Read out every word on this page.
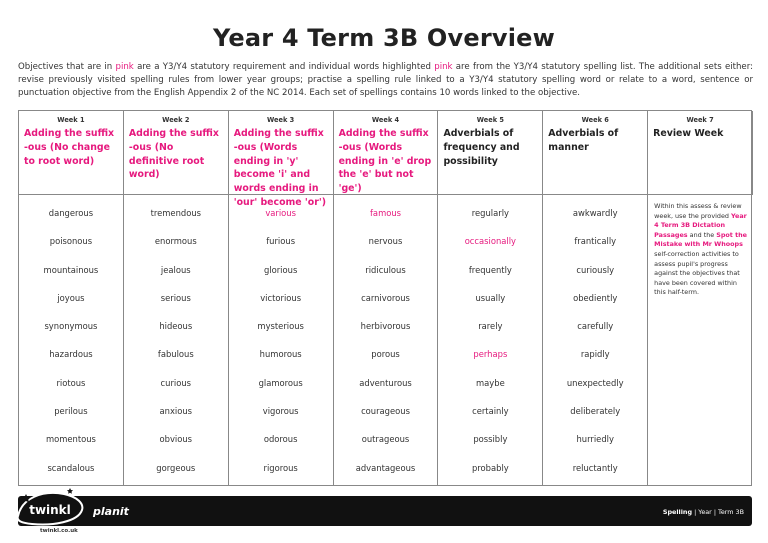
Year 4 Term 3B Overview

Objectives that are in pink are a Y3/Y4 statutory requirement and individual words highlighted pink are from the Y3/Y4 statutory spelling list. The additional sets either: revise previously visited spelling rules from lower year groups; practise a spelling rule linked to a Y3/Y4 statutory spelling word or relate to a word, sentence or punctuation objective from the English Appendix 2 of the NC 2014. Each set of spellings contains 10 words linked to the objective.

Week 1
Adding the suffix -ous (No change to root word)
Week 2
Adding the suffix -ous (No definitive root word)
Week 3
Adding the suffix -ous (Words ending in 'y' become 'i' and words ending in 'our' become 'or')
Week 4
Adding the suffix -ous (Words ending in 'e' drop the 'e' but not 'ge')
Week 5
Adverbials of frequency and possibility
Week 6
Adverbials of manner
Week 7
Review Week
dangerous
poisonous
mountainous
joyous
synonymous
hazardous
riotous
perilous
momentous
scandalous
tremendous
enormous
jealous
serious
hideous
fabulous
curious
anxious
obvious
gorgeous
various
furious
glorious
victorious
mysterious
humorous
glamorous
vigorous
odorous
rigorous
famous
nervous
ridiculous
carnivorous
herbivorous
porous
adventurous
courageous
outrageous
advantageous
regularly
occasionally
frequently
usually
rarely
perhaps
maybe
certainly
possibly
probably
awkwardly
frantically
curiously
obediently
carefully
rapidly
unexpectedly
deliberately
hurriedly
reluctantly
Within this assess & review week, use the provided Year 4 Term 3B Dictation Passages and the Spot the Mistake with Mr Whoops self-correction activities to assess pupil's progress against the objectives that have been covered within this half-term.
twinkl planit
twinkl.co.uk
Spelling | Year | Term 3B
